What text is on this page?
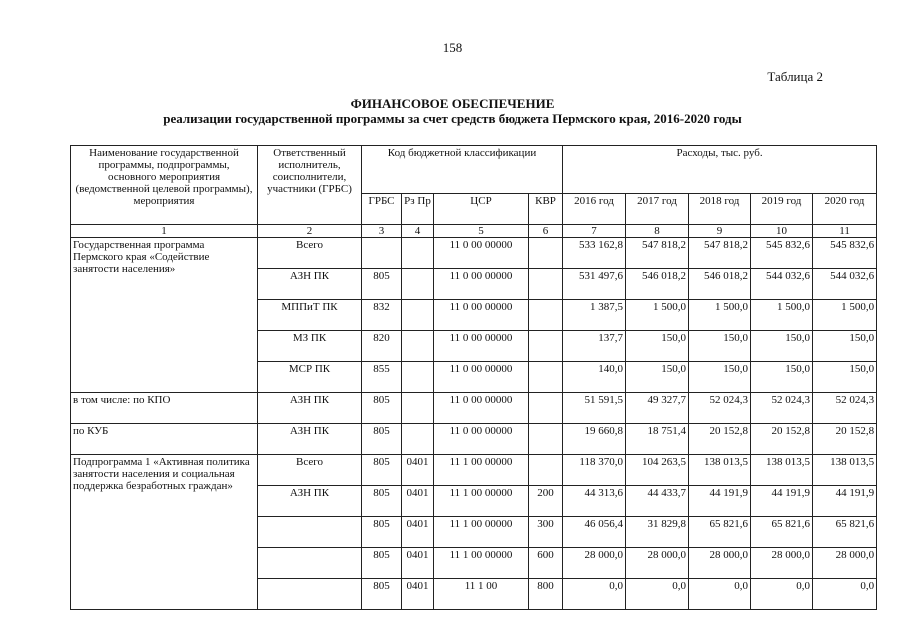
158
Таблица 2
ФИНАНСОВОЕ ОБЕСПЕЧЕНИЕ
реализации государственной программы за счет средств бюджета Пермского края, 2016-2020 годы
Наименование государственной программы, подпрограммы, основного мероприятия (ведомственной целевой программы), мероприятия	Ответственный исполнитель, соисполнители, участники (ГРБС)	Код бюджетной классификации				Расходы, тыс. руб.				
		ГРБС	Рз Пр	ЦСР	КВР	2016 год	2017 год	2018 год	2019 год	2020 год
1	2	3	4	5	6	7	8	9	10	11
Государственная программа Пермского края «Содействие занятости населения»	Всего			11 0 00 00000		533 162,8	547 818,2	547 818,2	545 832,6	545 832,6
	АЗН ПК	805		11 0 00 00000		531 497,6	546 018,2	546 018,2	544 032,6	544 032,6
	МППиТ ПК	832		11 0 00 00000		1 387,5	1 500,0	1 500,0	1 500,0	1 500,0
	МЗ ПК	820		11 0 00 00000		137,7	150,0	150,0	150,0	150,0
	МСР ПК	855		11 0 00 00000		140,0	150,0	150,0	150,0	150,0
в том числе: по КПО	АЗН ПК	805		11 0 00 00000		51 591,5	49 327,7	52 024,3	52 024,3	52 024,3
по КУБ	АЗН ПК	805		11 0 00 00000		19 660,8	18 751,4	20 152,8	20 152,8	20 152,8
Подпрограмма 1 «Активная политика занятости населения и социальная поддержка безработных граждан»	Всего	805	0401	11 1 00 00000		118 370,0	104 263,5	138 013,5	138 013,5	138 013,5
	АЗН ПК	805	0401	11 1 00 00000	200	44 313,6	44 433,7	44 191,9	44 191,9	44 191,9
		805	0401	11 1 00 00000	300	46 056,4	31 829,8	65 821,6	65 821,6	65 821,6
		805	0401	11 1 00 00000	600	28 000,0	28 000,0	28 000,0	28 000,0	28 000,0
		805	0401	11 1 00	800	0,0	0,0	0,0	0,0	0,0
